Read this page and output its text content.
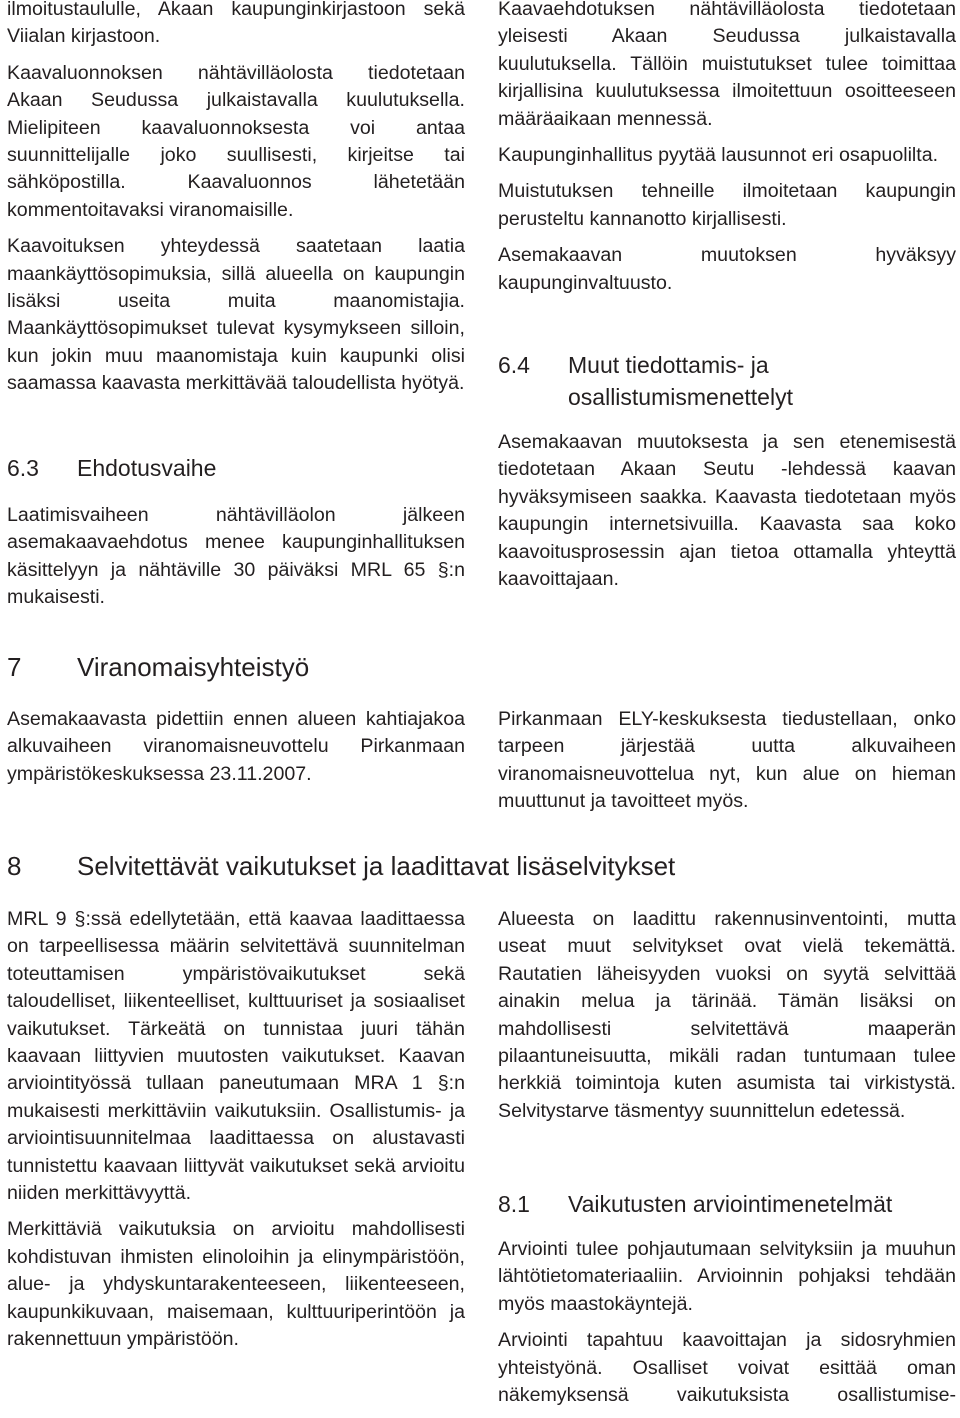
ilmoitustaululle, Akaan kaupunginkirjastoon sekä Viialan kirjastoon.

Kaavaluonnoksen nähtävilläolosta tiedotetaan Akaan Seudussa julkaistavalla kuulutuksella. Mielipiteen kaavaluonnoksesta voi antaa suunnittelijalle joko suullisesti, kirjeitse tai sähköpostilla. Kaavaluonnos lähetetään kommentoitavaksi viranomaisille.

Kaavoituksen yhteydessä saatetaan laatia maankäyttösopimuksia, sillä alueella on kaupungin lisäksi useita muita maanomistajia. Maankäyttösopimukset tulevat kysymykseen silloin, kun jokin muu maanomistaja kuin kaupunki olisi saamassa kaavasta merkittävää taloudellista hyötyä.

6.3 Ehdotusvaihe

Laatimisvaiheen nähtävilläolon jälkeen asemakaavaehdotus menee kaupunginhallituksen käsittelyyn ja nähtäville 30 päiväksi MRL 65 §:n mukaisesti.

Kaavaehdotuksen nähtävilläolosta tiedotetaan yleisesti Akaan Seudussa julkaistavalla kuulutuksella. Tällöin muistutukset tulee toimittaa kirjallisina kuulutuksessa ilmoitettuun osoitteeseen määräaikaan mennessä.

Kaupunginhallitus pyytää lausunnot eri osapuolilta.

Muistutuksen tehneille ilmoitetaan kaupungin perusteltu kannanotto kirjallisesti.

Asemakaavan muutoksen hyväksyy kaupunginvaltuusto.

6.4 Muut tiedottamis- ja
osallistumismenettelyt

Asemakaavan muutoksesta ja sen etenemisestä tiedotetaan Akaan Seutu -lehdessä kaavan hyväksymiseen saakka. Kaavasta tiedotetaan myös kaupungin internetsivuilla. Kaavasta saa koko kaavoitusprosessin ajan tietoa ottamalla yhteyttä kaavoittajaan.

7 Viranomaisyhteistyö

Asemakaavasta pidettiin ennen alueen kahtiajakoa alkuvaiheen viranomaisneuvottelu Pirkanmaan ympäristökeskuksessa 23.11.2007.

Pirkanmaan ELY-keskuksesta tiedustellaan, onko tarpeen järjestää uutta alkuvaiheen viranomaisneuvottelua nyt, kun alue on hieman muuttunut ja tavoitteet myös.

8 Selvitettävät vaikutukset ja laadittavat lisäselvitykset

MRL 9 §:ssä edellytetään, että kaavaa laadittaessa on tarpeellisessa määrin selvitettävä suunnitelman toteuttamisen ympäristövaikutukset sekä taloudelliset, liikenteelliset, kulttuuriset ja sosiaaliset vaikutukset. Tärkeätä on tunnistaa juuri tähän kaavaan liittyvien muutosten vaikutukset. Kaavan arviointityössä tullaan paneutumaan MRA 1 §:n mukaisesti merkittäviin vaikutuksiin. Osallistumis- ja arviointisuunnitelmaa laadittaessa on alustavasti tunnistettu kaavaan liittyvät vaikutukset sekä arvioitu niiden merkittävyyttä.

Merkittäviä vaikutuksia on arvioitu mahdollisesti kohdistuvan ihmisten elinoloihin ja elinympäristöön, alue- ja yhdyskuntarakenteeseen, liikenteeseen, kaupunkikuvaan, maisemaan, kulttuuriperintöön ja rakennettuun ympäristöön.

Alueesta on laadittu rakennusinventointi, mutta useat muut selvitykset ovat vielä tekemättä. Rautatien läheisyyden vuoksi on syytä selvittää ainakin melua ja tärinää. Tämän lisäksi on mahdollisesti selvitettävä maaperän pilaantuneisuutta, mikäli radan tuntumaan tulee herkkiä toimintoja kuten asumista tai virkistystä. Selvitystarve täsmentyy suunnittelun edetessä.

8.1 Vaikutusten arviointimenetelmät

Arviointi tulee pohjautumaan selvityksiin ja muuhun lähtötietomateriaaliin. Arvioinnin pohjaksi tehdään myös maastokäyntejä.

Arviointi tapahtuu kaavoittajan ja sidosryhmien yhteistyönä. Osalliset voivat esittää oman näkemyksensä vaikutuksista osallistumise-
